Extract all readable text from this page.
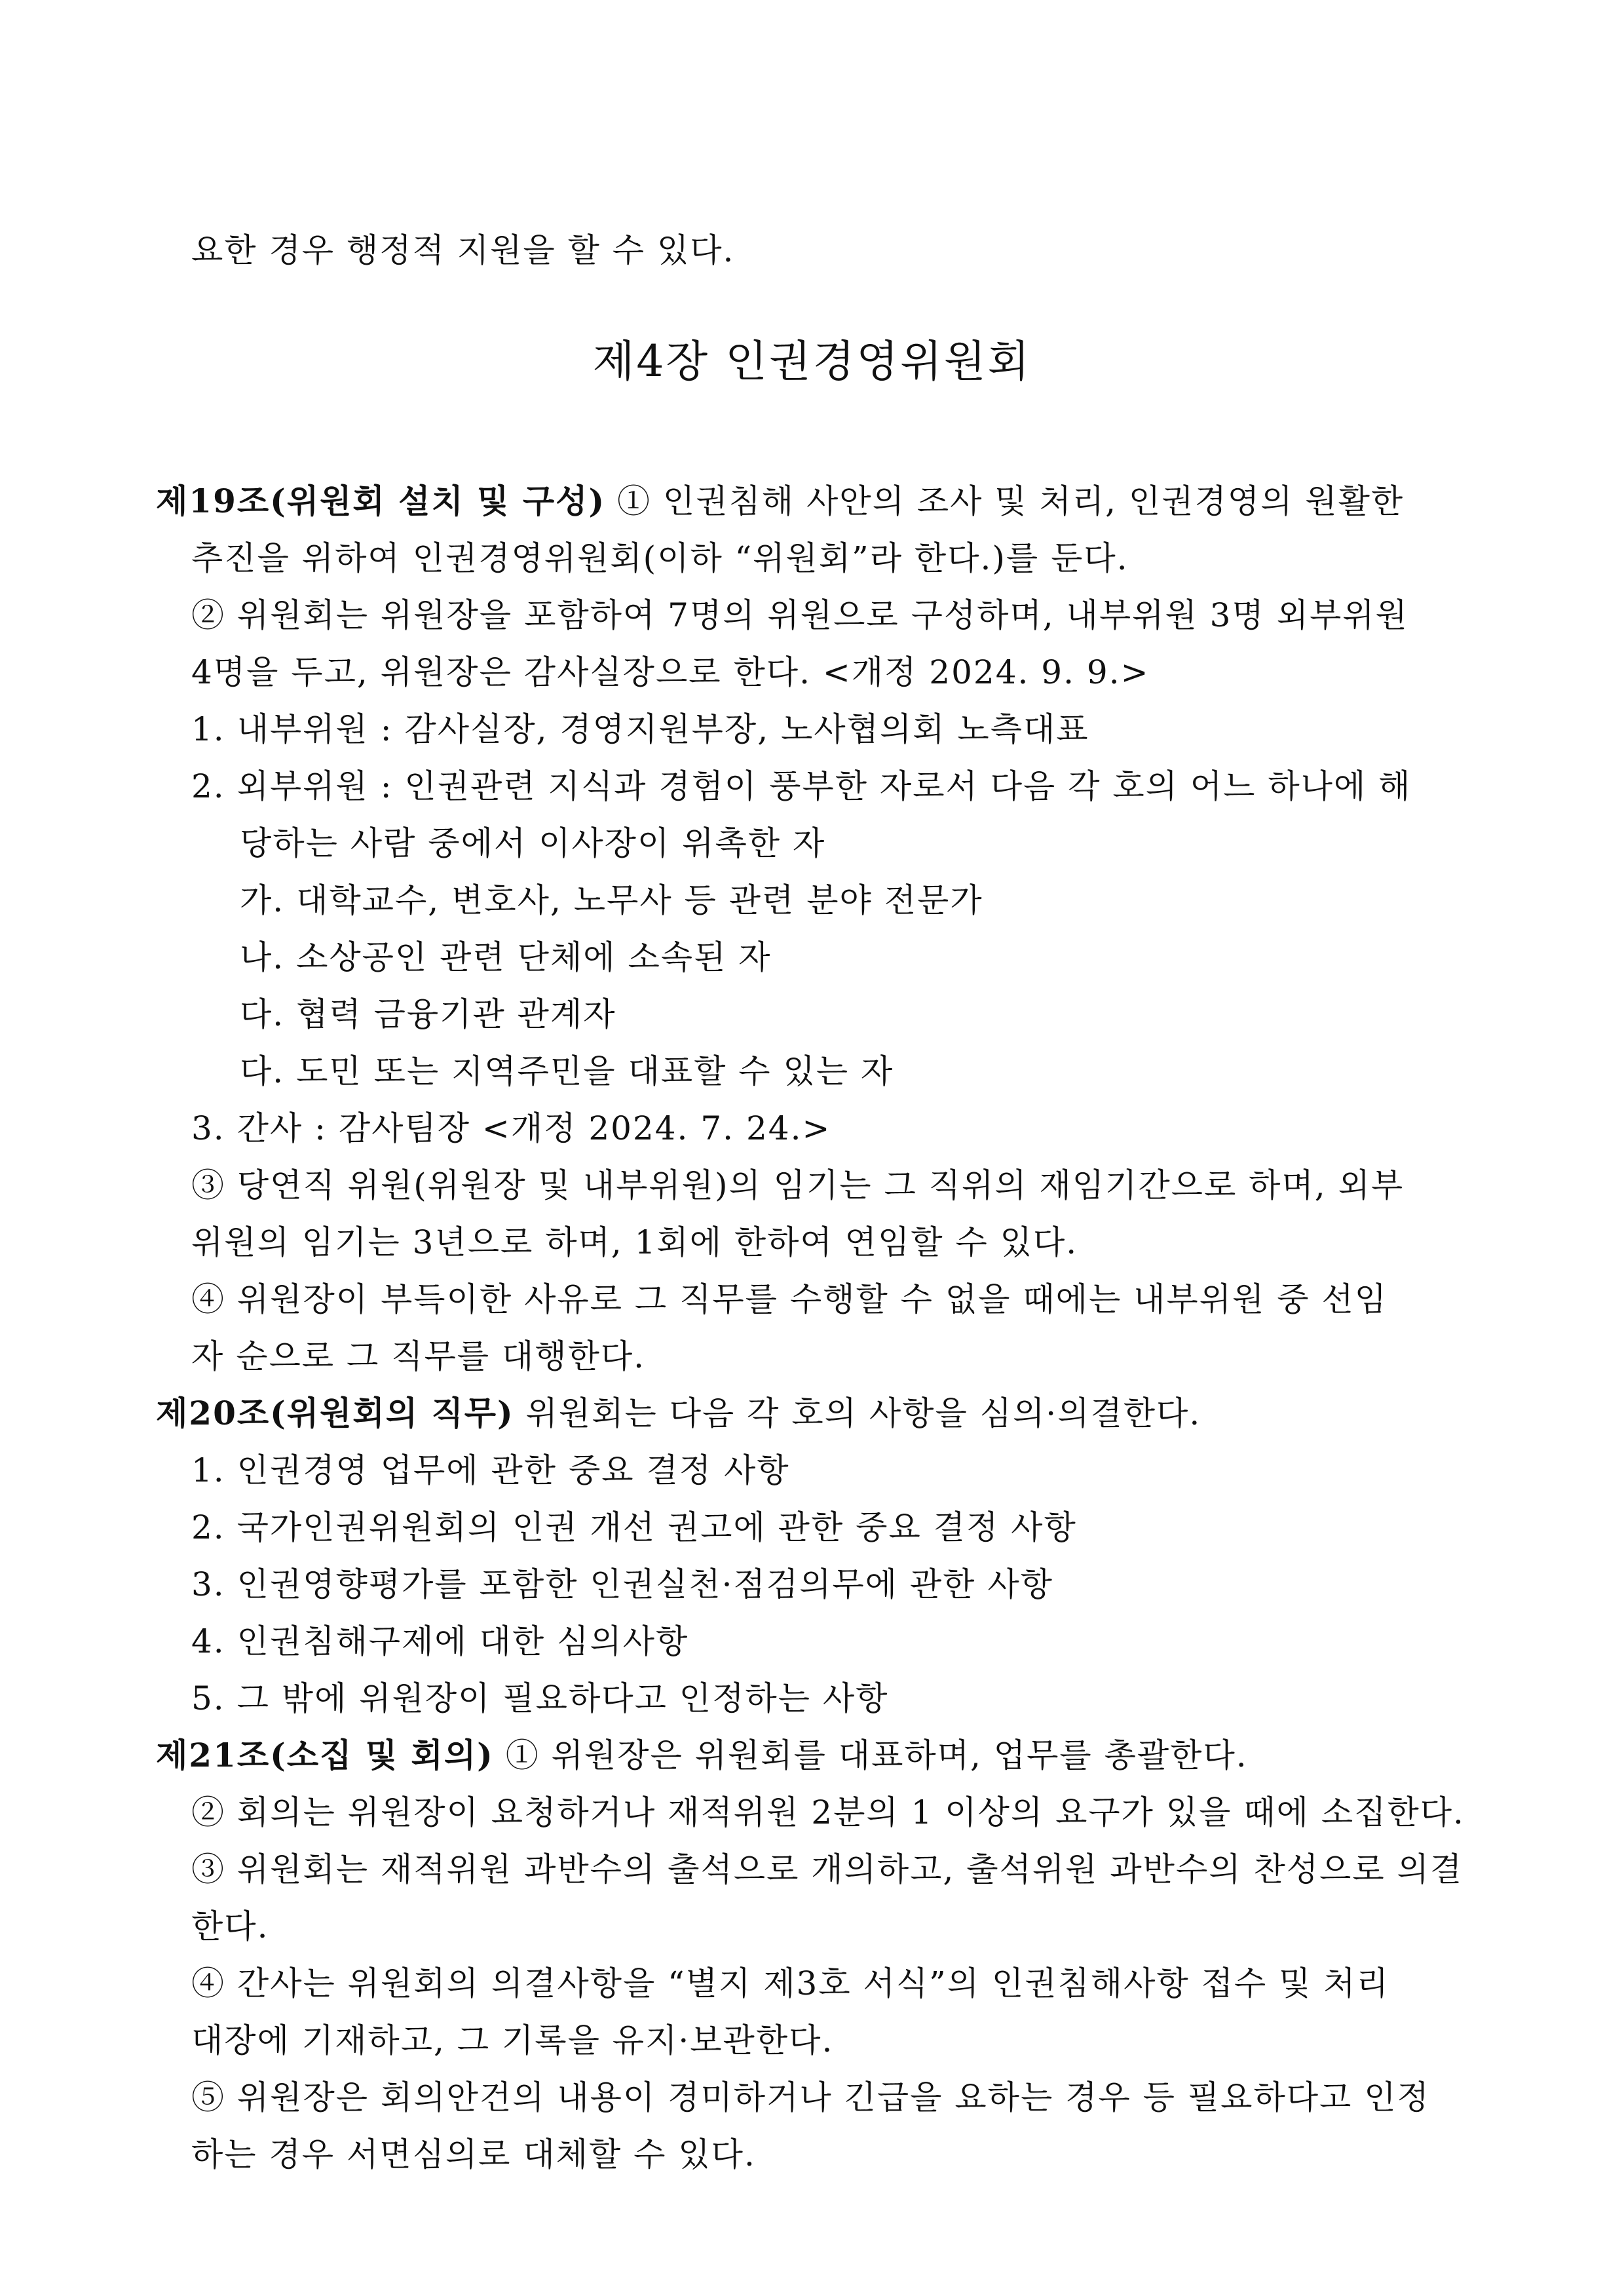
요한 경우 행정적 지원을 할 수 있다.
제4장 인권경영위원회
제19조(위원회 설치 및 구성) ① 인권침해 사안의 조사 및 처리, 인권경영의 원활한
추진을 위하여 인권경영위원회(이하 “위원회”라 한다.)를 둔다.
② 위원회는 위원장을 포함하여 7명의 위원으로 구성하며, 내부위원 3명 외부위원
4명을 두고, 위원장은 감사실장으로 한다. <개정 2024. 9. 9.>
1. 내부위원 : 감사실장, 경영지원부장, 노사협의회 노측대표
2. 외부위원 : 인권관련 지식과 경험이 풍부한 자로서 다음 각 호의 어느 하나에 해
당하는 사람 중에서 이사장이 위촉한 자
가. 대학교수, 변호사, 노무사 등 관련 분야 전문가
나. 소상공인 관련 단체에 소속된 자
다. 협력 금융기관 관계자
다. 도민 또는 지역주민을 대표할 수 있는 자
3. 간사 : 감사팀장 <개정 2024. 7. 24.>
③ 당연직 위원(위원장 및 내부위원)의 임기는 그 직위의 재임기간으로 하며, 외부
위원의 임기는 3년으로 하며, 1회에 한하여 연임할 수 있다.
④ 위원장이 부득이한 사유로 그 직무를 수행할 수 없을 때에는 내부위원 중 선임
자 순으로 그 직무를 대행한다.
제20조(위원회의 직무) 위원회는 다음 각 호의 사항을 심의·의결한다.
1. 인권경영 업무에 관한 중요 결정 사항
2. 국가인권위원회의 인권 개선 권고에 관한 중요 결정 사항
3. 인권영향평가를 포함한 인권실천·점검의무에 관한 사항
4. 인권침해구제에 대한 심의사항
5. 그 밖에 위원장이 필요하다고 인정하는 사항
제21조(소집 및 회의) ① 위원장은 위원회를 대표하며, 업무를 총괄한다.
② 회의는 위원장이 요청하거나 재적위원 2분의 1 이상의 요구가 있을 때에 소집한다.
③ 위원회는 재적위원 과반수의 출석으로 개의하고, 출석위원 과반수의 찬성으로 의결
한다.
④ 간사는 위원회의 의결사항을 “별지 제3호 서식”의 인권침해사항 접수 및 처리
대장에 기재하고, 그 기록을 유지·보관한다.
⑤ 위원장은 회의안건의 내용이 경미하거나 긴급을 요하는 경우 등 필요하다고 인정
하는 경우 서면심의로 대체할 수 있다.
